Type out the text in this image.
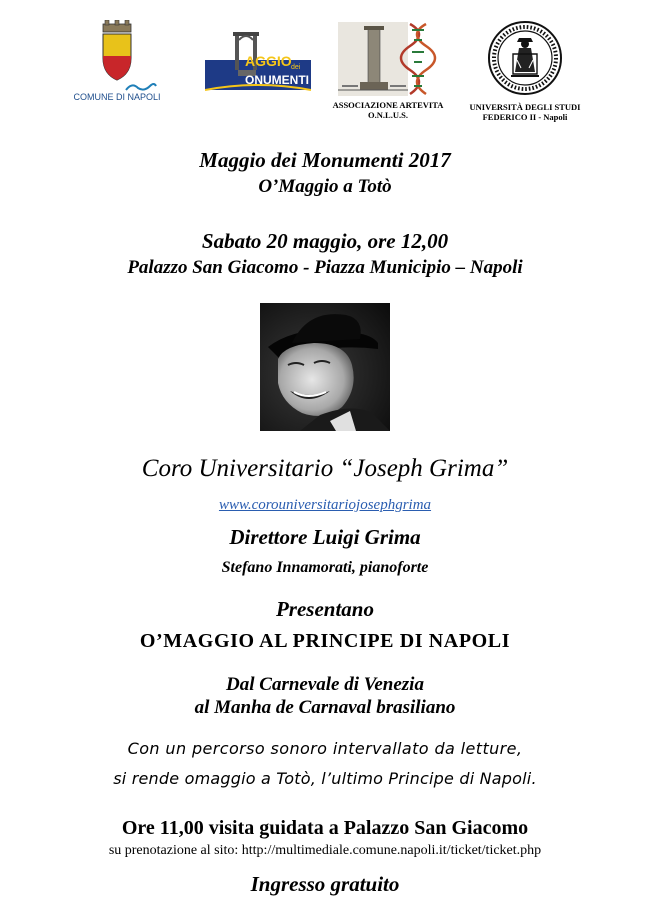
COMUNE DI NAPOLI
AGGIO dei
ONUMENTI
ASSOCIAZIONE ARTEVITA
O.N.L.U.S.
UNIVERSITÀ DEGLI STUDI
FEDERICO II - Napoli
Maggio dei Monumenti 2017
O’Maggio a Totò
Sabato 20 maggio, ore 12,00
Palazzo San Giacomo - Piazza Municipio – Napoli
Coro Universitario “Joseph Grima”
www.corouniversitariojosephgrima
Direttore Luigi Grima
Stefano Innamorati, pianoforte
Presentano
O’MAGGIO AL PRINCIPE DI NAPOLI
Dal Carnevale di Venezia
al Manha de Carnaval brasiliano
Con un percorso sonoro intervallato da letture,
si rende omaggio a Totò, l’ultimo Principe di Napoli.
Ore 11,00 visita guidata a Palazzo San Giacomo
su prenotazione al sito: http://multimediale.comune.napoli.it/ticket/ticket.php
Ingresso gratuito
